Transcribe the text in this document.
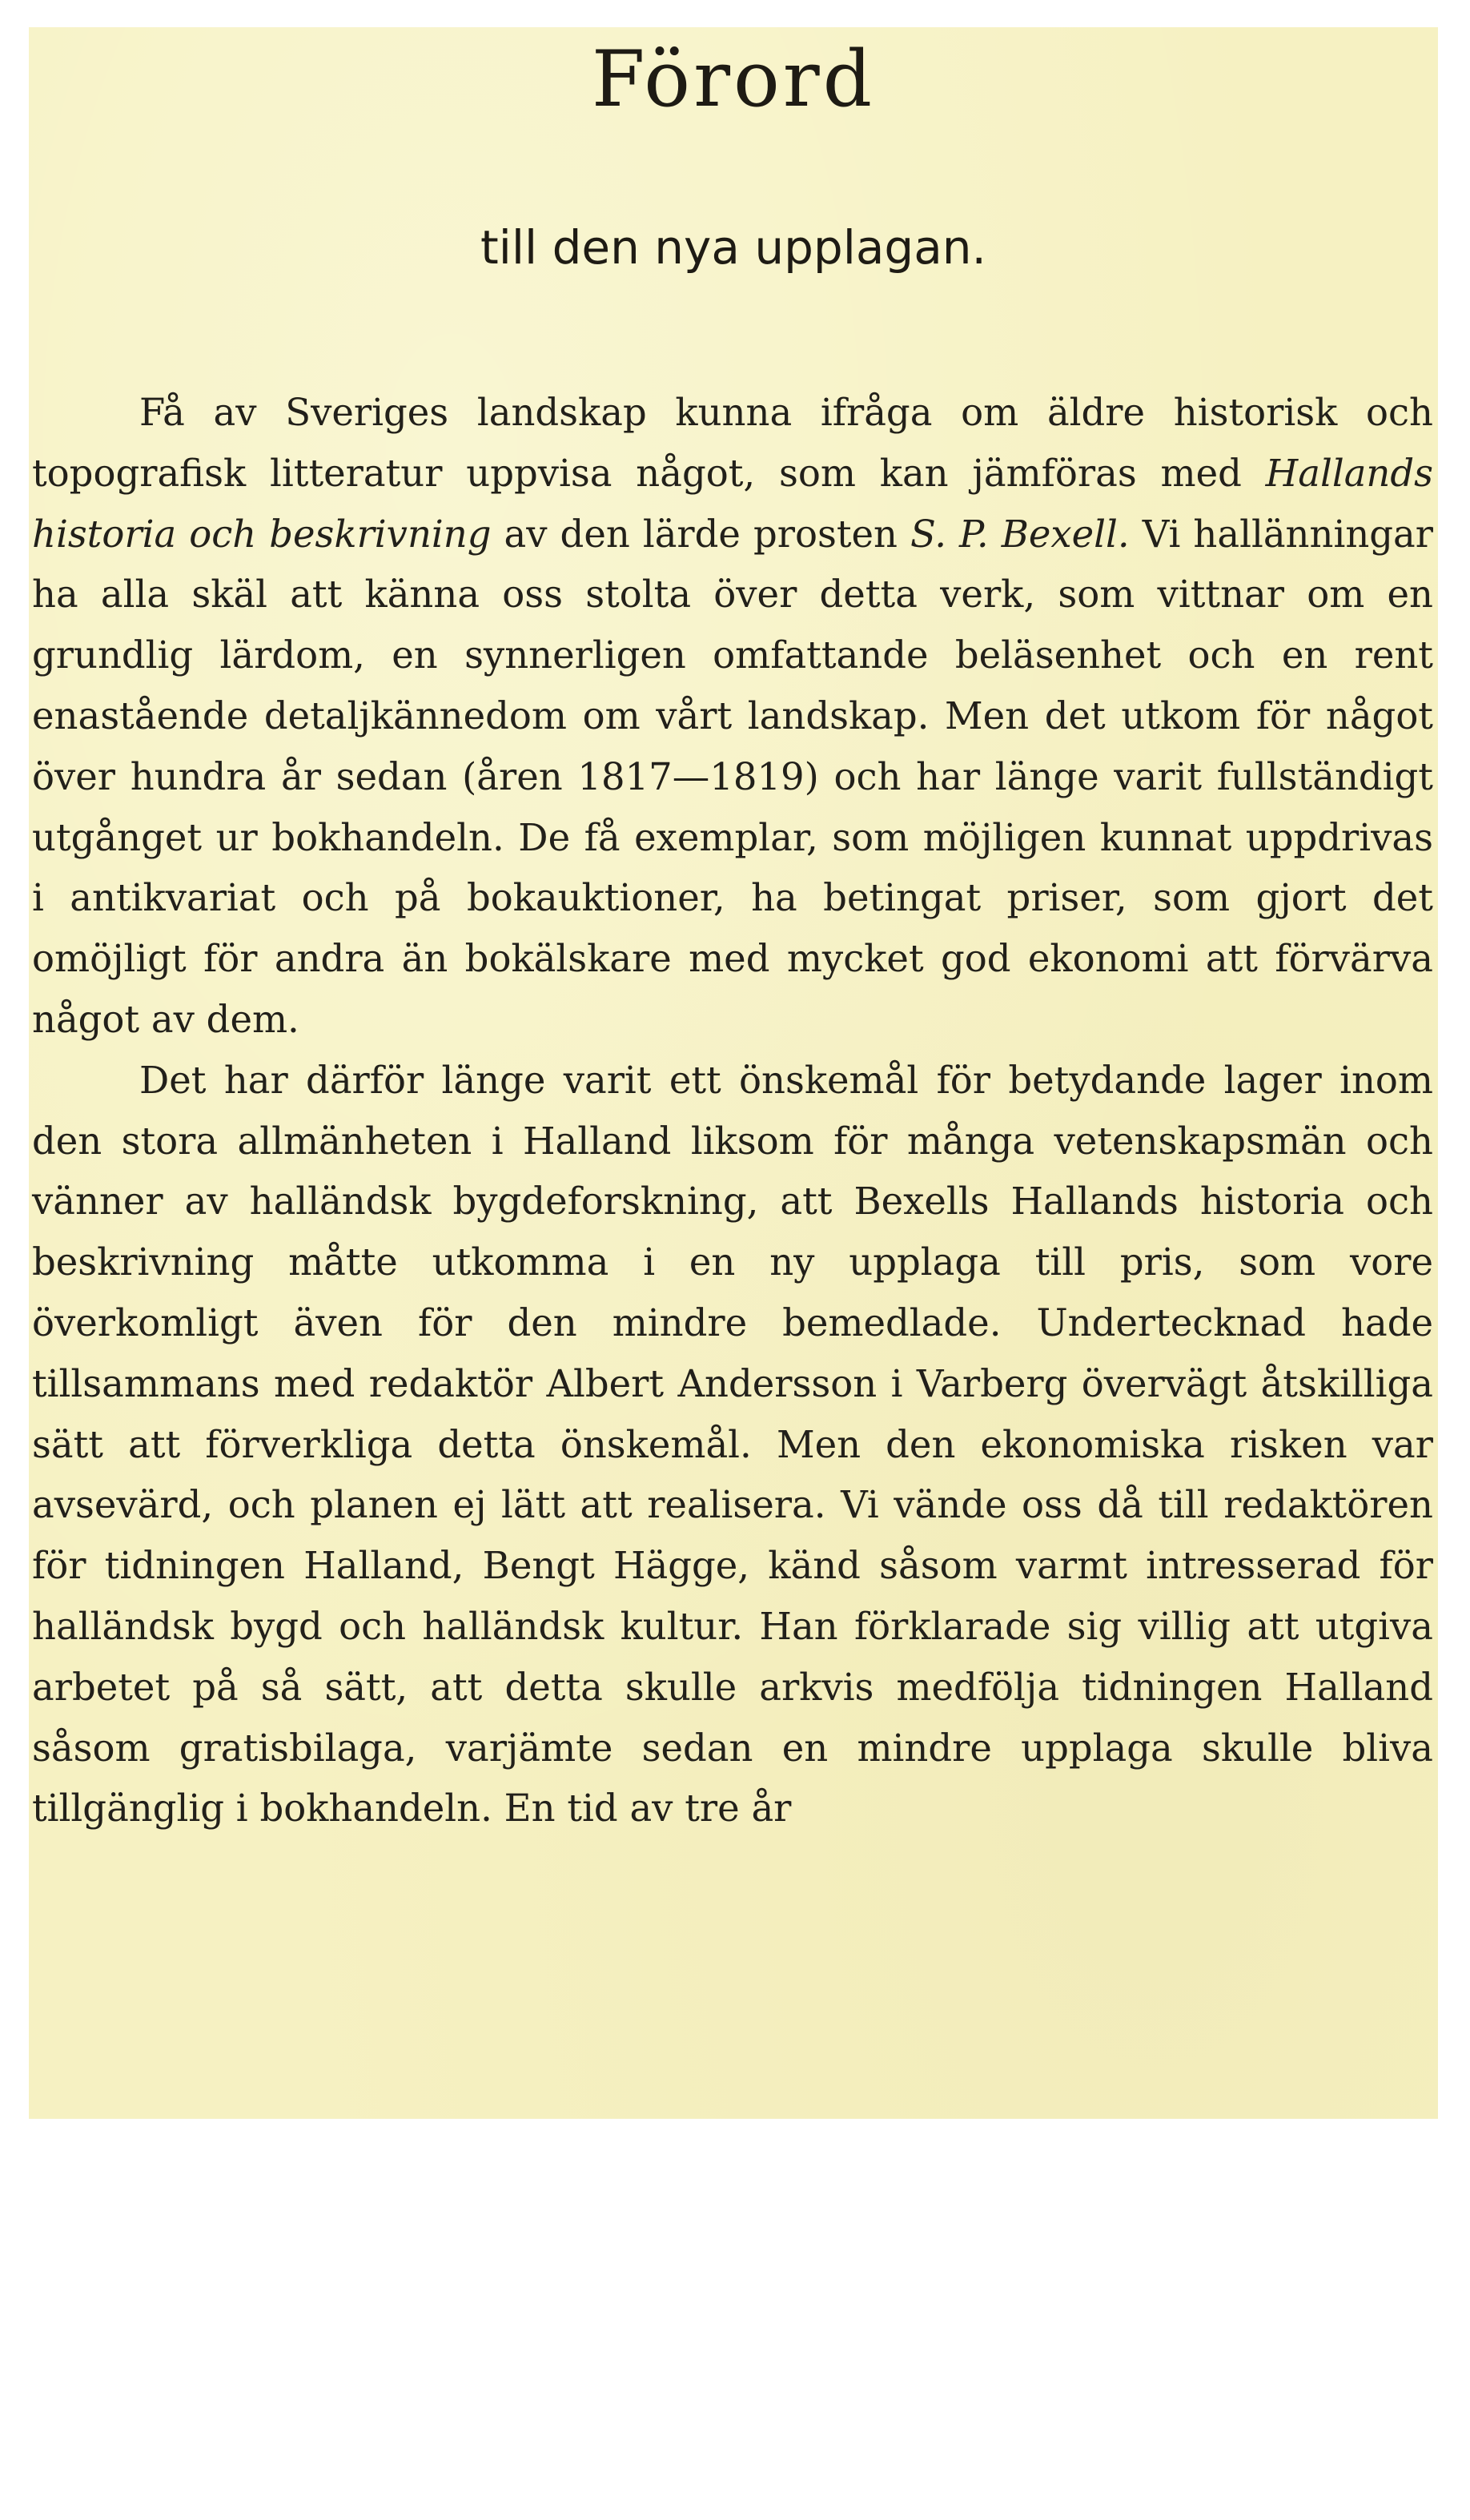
Förord
till den nya upplagan.

Få av Sveriges landskap kunna ifråga om äldre historisk och topografisk litteratur uppvisa något, som kan jämföras med Hallands historia och beskrivning av den lärde prosten S. P. Bexell. Vi hallänningar ha alla skäl att känna oss stolta över detta verk, som vittnar om en grundlig lärdom, en synnerligen omfattande beläsenhet och en rent enastående detaljkännedom om vårt landskap. Men det utkom för något över hundra år sedan (åren 1817—1819) och har länge varit fullständigt utgånget ur bokhandeln. De få exemplar, som möjligen kunnat uppdrivas i antikvariat och på bokauktioner, ha betingat priser, som gjort det omöjligt för andra än bokälskare med mycket god ekonomi att förvärva något av dem.

Det har därför länge varit ett önskemål för betydande lager inom den stora allmänheten i Halland liksom för många vetenskapsmän och vänner av halländsk bygdeforskning, att Bexells Hallands historia och beskrivning måtte utkomma i en ny upplaga till pris, som vore överkomligt även för den mindre bemedlade. Undertecknad hade tillsammans med redaktör Albert Andersson i Varberg övervägt åtskilliga sätt att förverkliga detta önskemål. Men den ekonomiska risken var avsevärd, och planen ej lätt att realisera. Vi vände oss då till redaktören för tidningen Halland, Bengt Hägge, känd såsom varmt intresserad för halländsk bygd och halländsk kultur. Han förklarade sig villig att utgiva arbetet på så sätt, att detta skulle arkvis medfölja tidningen Halland såsom gratisbilaga, varjämte sedan en mindre upplaga skulle bliva tillgänglig i bokhandeln. En tid av tre år
